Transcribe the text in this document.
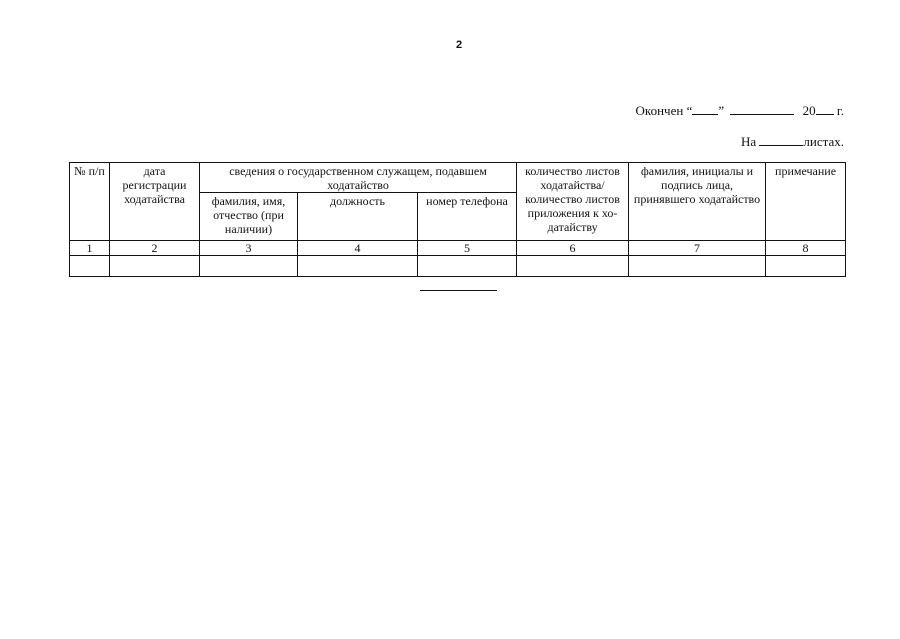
2
Окончен “ ”	20 г.
На	листах.
№ п/п	дата регистрации ходатайства	сведения о государственном служащем, подавшем ходатайство			количество листов ходатайства/ количество листов приложения к хо-датайству	фамилия, инициалы и подпись лица, принявшего ходатайство	примечание
		фамилия, имя, отчество (при наличии)	должность	номер телефона			
1	2	3	4	5	6	7	8
